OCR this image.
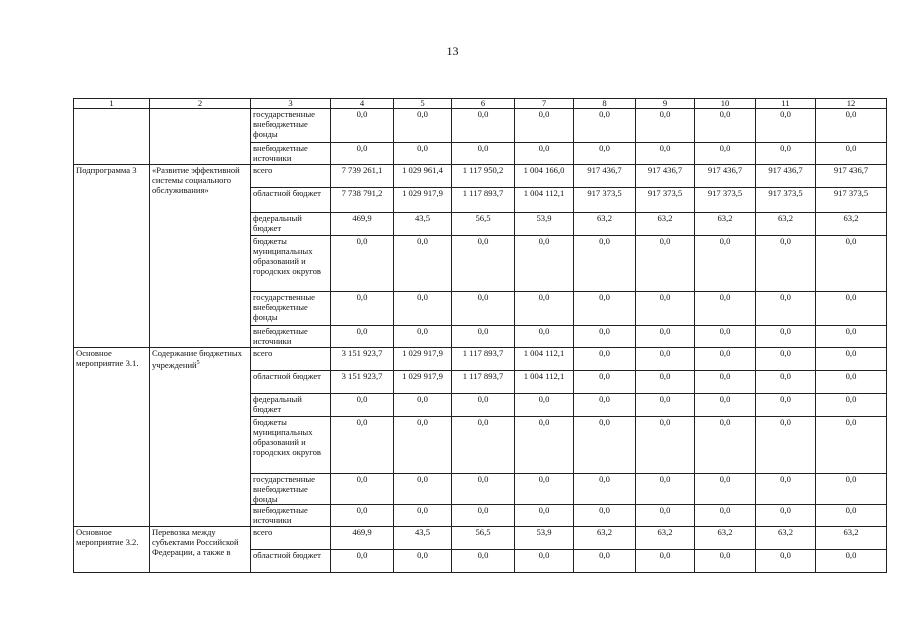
13
1	2	3	4	5	6	7	8	9	10	11	12
		государственные внебюджетные фонды	0,0	0,0	0,0	0,0	0,0	0,0	0,0	0,0	0,0
		внебюджетные источники	0,0	0,0	0,0	0,0	0,0	0,0	0,0	0,0	0,0
Подпрограмма 3	«Развитие эффективной системы социального обслуживания»	всего	7 739 261,1	1 029 961,4	1 117 950,2	1 004 166,0	917 436,7	917 436,7	917 436,7	917 436,7	917 436,7
		областной бюджет	7 738 791,2	1 029 917,9	1 117 893,7	1 004 112,1	917 373,5	917 373,5	917 373,5	917 373,5	917 373,5
		федеральный бюджет	469,9	43,5	56,5	53,9	63,2	63,2	63,2	63,2	63,2
		бюджеты муниципальных образований и городских округов	0,0	0,0	0,0	0,0	0,0	0,0	0,0	0,0	0,0
		государственные внебюджетные фонды	0,0	0,0	0,0	0,0	0,0	0,0	0,0	0,0	0,0
		внебюджетные источники	0,0	0,0	0,0	0,0	0,0	0,0	0,0	0,0	0,0
Основное мероприятие 3.1.	Содержание бюджетных учреждений$^5$	всего	3 151 923,7	1 029 917,9	1 117 893,7	1 004 112,1	0,0	0,0	0,0	0,0	0,0
		областной бюджет	3 151 923,7	1 029 917,9	1 117 893,7	1 004 112,1	0,0	0,0	0,0	0,0	0,0
		федеральный бюджет	0,0	0,0	0,0	0,0	0,0	0,0	0,0	0,0	0,0
		бюджеты муниципальных образований и городских округов	0,0	0,0	0,0	0,0	0,0	0,0	0,0	0,0	0,0
		государственные внебюджетные фонды	0,0	0,0	0,0	0,0	0,0	0,0	0,0	0,0	0,0
		внебюджетные источники	0,0	0,0	0,0	0,0	0,0	0,0	0,0	0,0	0,0
Основное мероприятие 3.2.	Перевозка между субъектами Российской Федерации, а также в	всего	469,9	43,5	56,5	53,9	63,2	63,2	63,2	63,2	63,2
		областной бюджет	0,0	0,0	0,0	0,0	0,0	0,0	0,0	0,0	0,0
